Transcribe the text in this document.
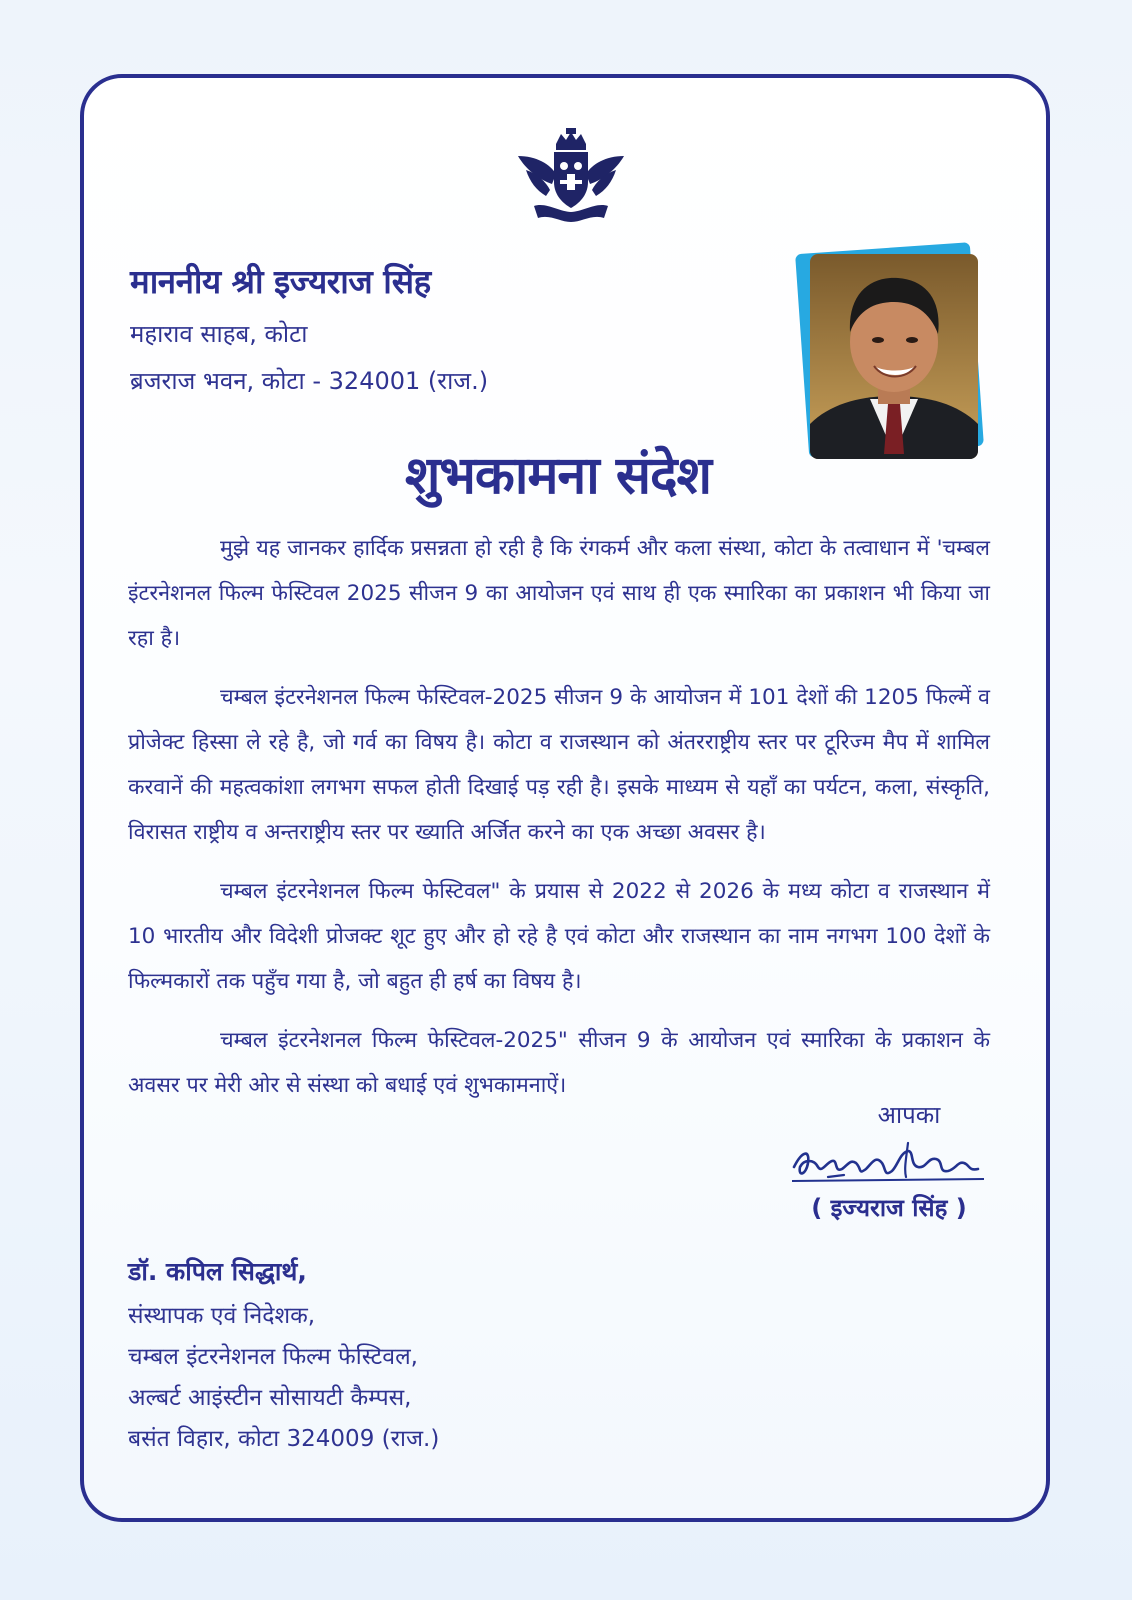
माननीय श्री इज्यराज सिंह
महाराव साहब, कोटा
ब्रजराज भवन, कोटा - 324001 (राज.)
शुभकामना संदेश

मुझे यह जानकर हार्दिक प्रसन्नता हो रही है कि रंगकर्म और कला संस्था, कोटा के तत्वाधान में 'चम्बल इंटरनेशनल फिल्म फेस्टिवल 2025 सीजन 9 का आयोजन एवं साथ ही एक स्मारिका का प्रकाशन भी किया जा रहा है।

चम्बल इंटरनेशनल फिल्म फेस्टिवल-2025 सीजन 9 के आयोजन में 101 देशों की 1205 फिल्में व प्रोजेक्ट हिस्सा ले रहे है, जो गर्व का विषय है। कोटा व राजस्थान को अंतरराष्ट्रीय स्तर पर टूरिज्म मैप में शामिल करवानें की महत्वकांशा लगभग सफल होती दिखाई पड़ रही है। इसके माध्यम से यहाँ का पर्यटन, कला, संस्कृति, विरासत राष्ट्रीय व अन्तराष्ट्रीय स्तर पर ख्याति अर्जित करने का एक अच्छा अवसर है।

चम्बल इंटरनेशनल फिल्म फेस्टिवल" के प्रयास से 2022 से 2026 के मध्य कोटा व राजस्थान में 10 भारतीय और विदेशी प्रोजक्ट शूट हुए और हो रहे है एवं कोटा और राजस्थान का नाम नगभग 100 देशों के फिल्मकारों तक पहुँच गया है, जो बहुत ही हर्ष का विषय है।

चम्बल इंटरनेशनल फिल्म फेस्टिवल-2025" सीजन 9 के आयोजन एवं स्मारिका के प्रकाशन के अवसर पर मेरी ओर से संस्था को बधाई एवं शुभकामनाऐं।

आपका
( इज्यराज सिंह )
डॉ. कपिल सिद्धार्थ,
संस्थापक एवं निदेशक,
चम्बल इंटरनेशनल फिल्म फेस्टिवल,
अल्बर्ट आइंस्टीन सोसायटी कैम्पस,
बसंत विहार, कोटा 324009 (राज.)
